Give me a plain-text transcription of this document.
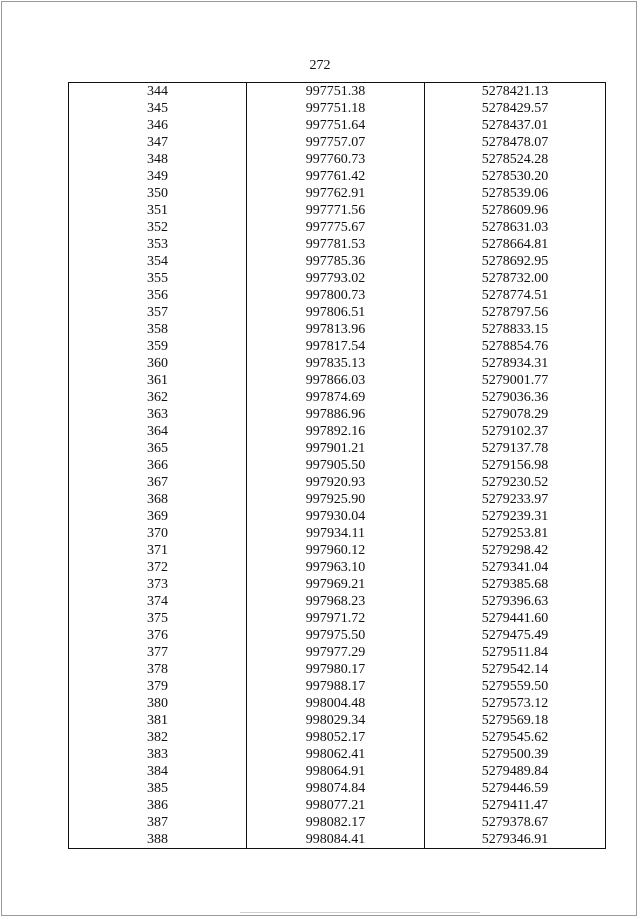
272
344	997751.38	5278421.13
345	997751.18	5278429.57
346	997751.64	5278437.01
347	997757.07	5278478.07
348	997760.73	5278524.28
349	997761.42	5278530.20
350	997762.91	5278539.06
351	997771.56	5278609.96
352	997775.67	5278631.03
353	997781.53	5278664.81
354	997785.36	5278692.95
355	997793.02	5278732.00
356	997800.73	5278774.51
357	997806.51	5278797.56
358	997813.96	5278833.15
359	997817.54	5278854.76
360	997835.13	5278934.31
361	997866.03	5279001.77
362	997874.69	5279036.36
363	997886.96	5279078.29
364	997892.16	5279102.37
365	997901.21	5279137.78
366	997905.50	5279156.98
367	997920.93	5279230.52
368	997925.90	5279233.97
369	997930.04	5279239.31
370	997934.11	5279253.81
371	997960.12	5279298.42
372	997963.10	5279341.04
373	997969.21	5279385.68
374	997968.23	5279396.63
375	997971.72	5279441.60
376	997975.50	5279475.49
377	997977.29	5279511.84
378	997980.17	5279542.14
379	997988.17	5279559.50
380	998004.48	5279573.12
381	998029.34	5279569.18
382	998052.17	5279545.62
383	998062.41	5279500.39
384	998064.91	5279489.84
385	998074.84	5279446.59
386	998077.21	5279411.47
387	998082.17	5279378.67
388	998084.41	5279346.91
